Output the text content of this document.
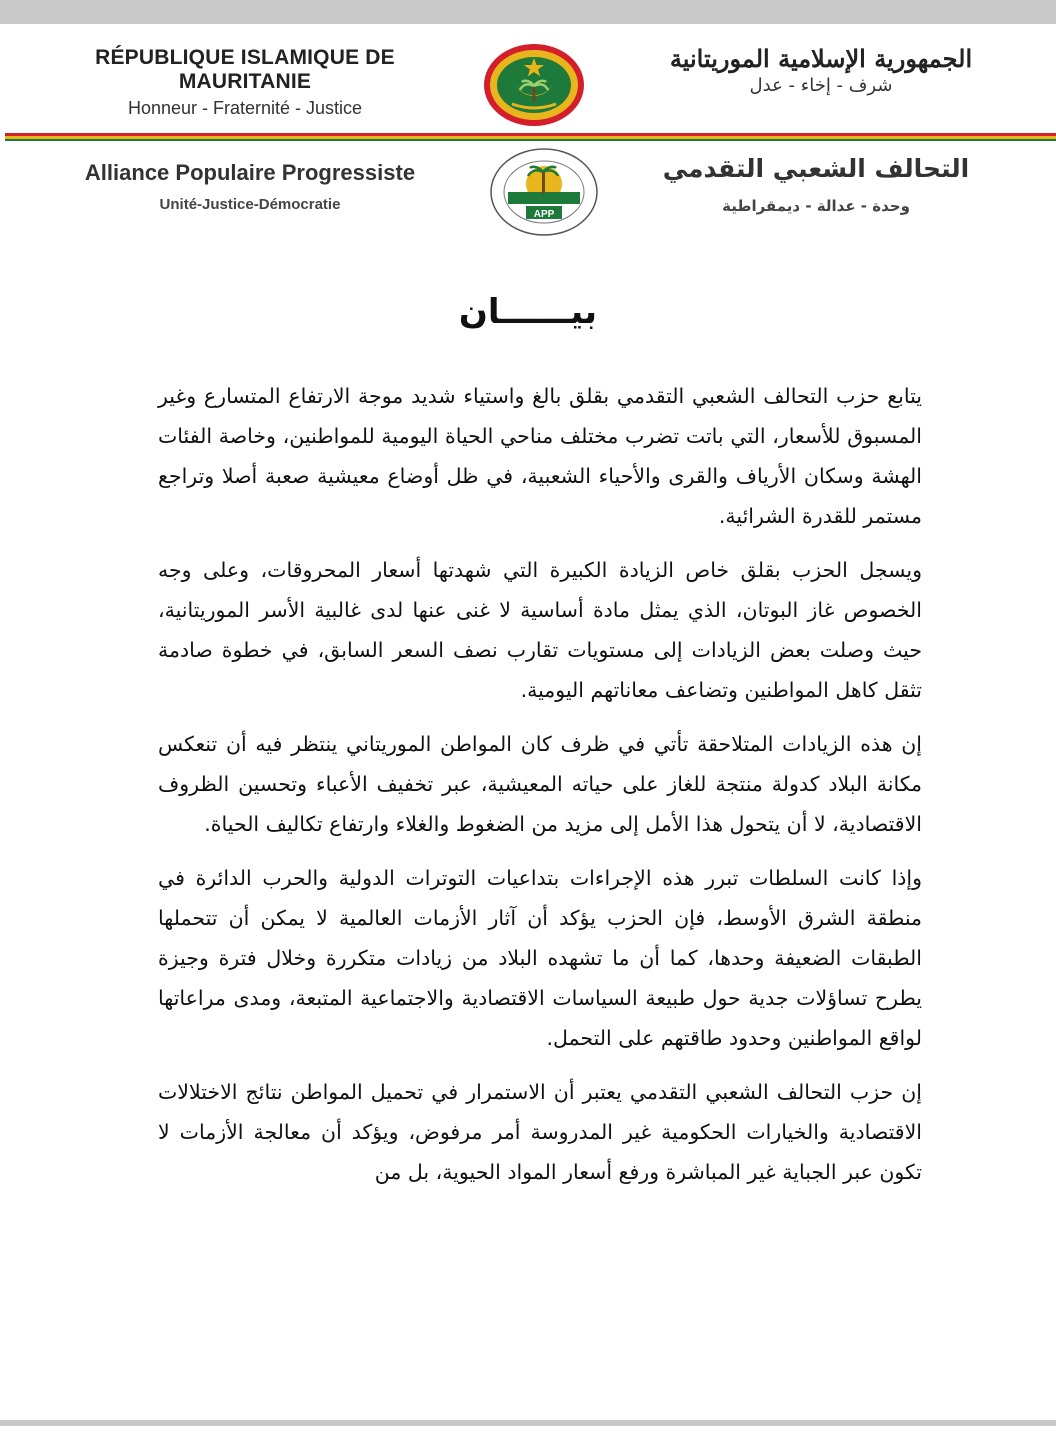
RÉPUBLIQUE ISLAMIQUE DE MAURITANIE
Honneur - Fraternité - Justice
الجمهورية الإسلامية الموريتانية
شرف - إخاء - عدل
Alliance Populaire Progressiste
Unité-Justice-Démocratie
APP
التحالف الشعبي التقدمي
وحدة - عدالة - ديمقراطية
بيــــــان

يتابع حزب التحالف الشعبي التقدمي بقلق بالغ واستياء شديد موجة الارتفاع المتسارع وغير المسبوق للأسعار، التي باتت تضرب مختلف مناحي الحياة اليومية للمواطنين، وخاصة الفئات الهشة وسكان الأرياف والقرى والأحياء الشعبية، في ظل أوضاع معيشية صعبة أصلا وتراجع مستمر للقدرة الشرائية.

ويسجل الحزب بقلق خاص الزيادة الكبيرة التي شهدتها أسعار المحروقات، وعلى وجه الخصوص غاز البوتان، الذي يمثل مادة أساسية لا غنى عنها لدى غالبية الأسر الموريتانية، حيث وصلت بعض الزيادات إلى مستويات تقارب نصف السعر السابق، في خطوة صادمة تثقل كاهل المواطنين وتضاعف معاناتهم اليومية.

إن هذه الزيادات المتلاحقة تأتي في ظرف كان المواطن الموريتاني ينتظر فيه أن تنعكس مكانة البلاد كدولة منتجة للغاز على حياته المعيشية، عبر تخفيف الأعباء وتحسين الظروف الاقتصادية، لا أن يتحول هذا الأمل إلى مزيد من الضغوط والغلاء وارتفاع تكاليف الحياة.

وإذا كانت السلطات تبرر هذه الإجراءات بتداعيات التوترات الدولية والحرب الدائرة في منطقة الشرق الأوسط، فإن الحزب يؤكد أن آثار الأزمات العالمية لا يمكن أن تتحملها الطبقات الضعيفة وحدها، كما أن ما تشهده البلاد من زيادات متكررة وخلال فترة وجيزة يطرح تساؤلات جدية حول طبيعة السياسات الاقتصادية والاجتماعية المتبعة، ومدى مراعاتها لواقع المواطنين وحدود طاقتهم على التحمل.

إن حزب التحالف الشعبي التقدمي يعتبر أن الاستمرار في تحميل المواطن نتائج الاختلالات الاقتصادية والخيارات الحكومية غير المدروسة أمر مرفوض، ويؤكد أن معالجة الأزمات لا تكون عبر الجباية غير المباشرة ورفع أسعار المواد الحيوية، بل من
